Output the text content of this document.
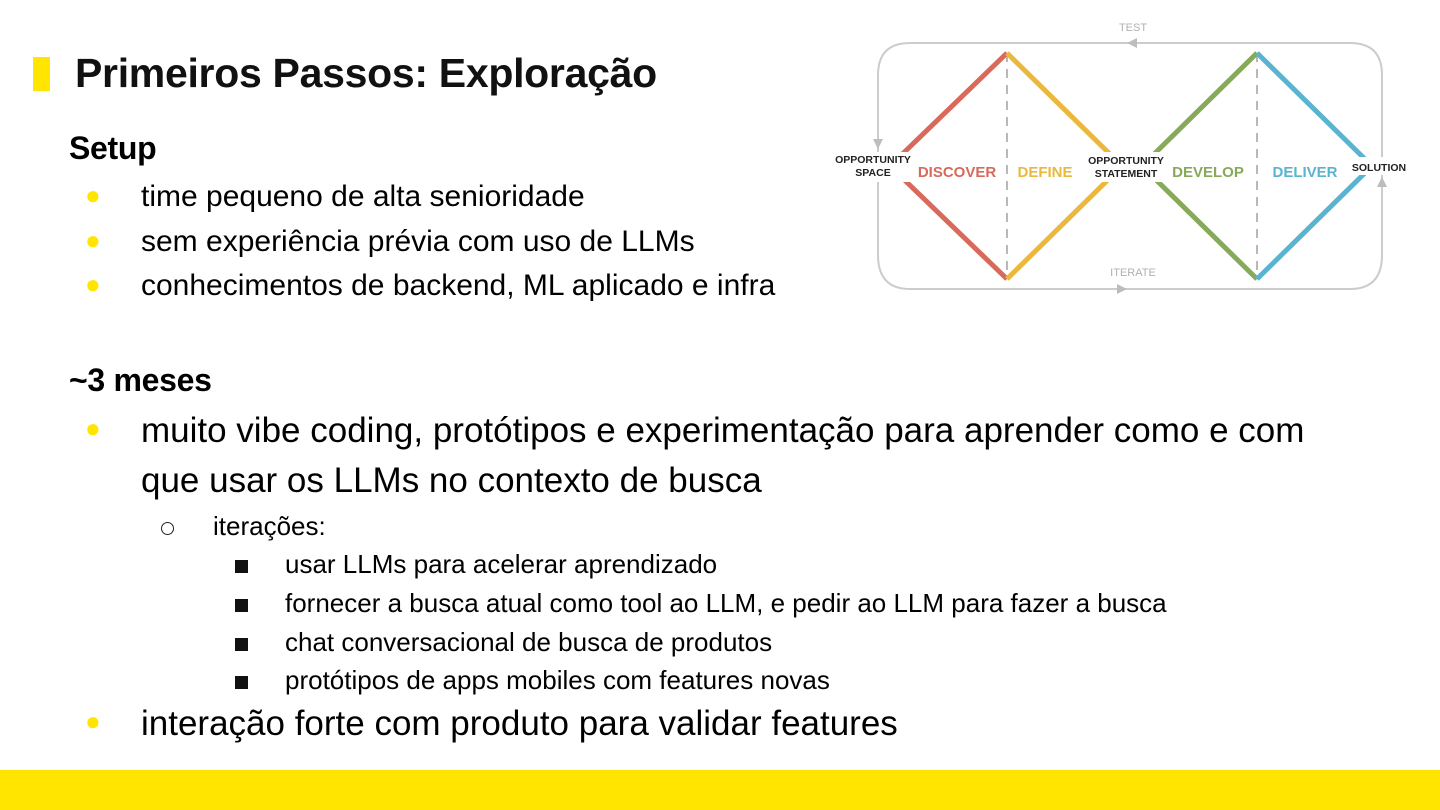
Primeiros Passos: Exploração
TEST
ITERATE
OPPORTUNITY
SPACE DISCOVER DEFINE
OPPORTUNITY
STATEMENT DEVELOP DELIVER SOLUTION
Setup
● time pequeno de alta senioridade
● sem experiência prévia com uso de LLMs
● conhecimentos de backend, ML aplicado e infra
~3 meses
● muito vibe coding, protótipos e experimentação para aprender como e com
que usar os LLMs no contexto de busca
iterações:
usar LLMs para acelerar aprendizado
fornecer a busca atual como tool ao LLM, e pedir ao LLM para fazer a busca
chat conversacional de busca de produtos
protótipos de apps mobiles com features novas
● interação forte com produto para validar features
